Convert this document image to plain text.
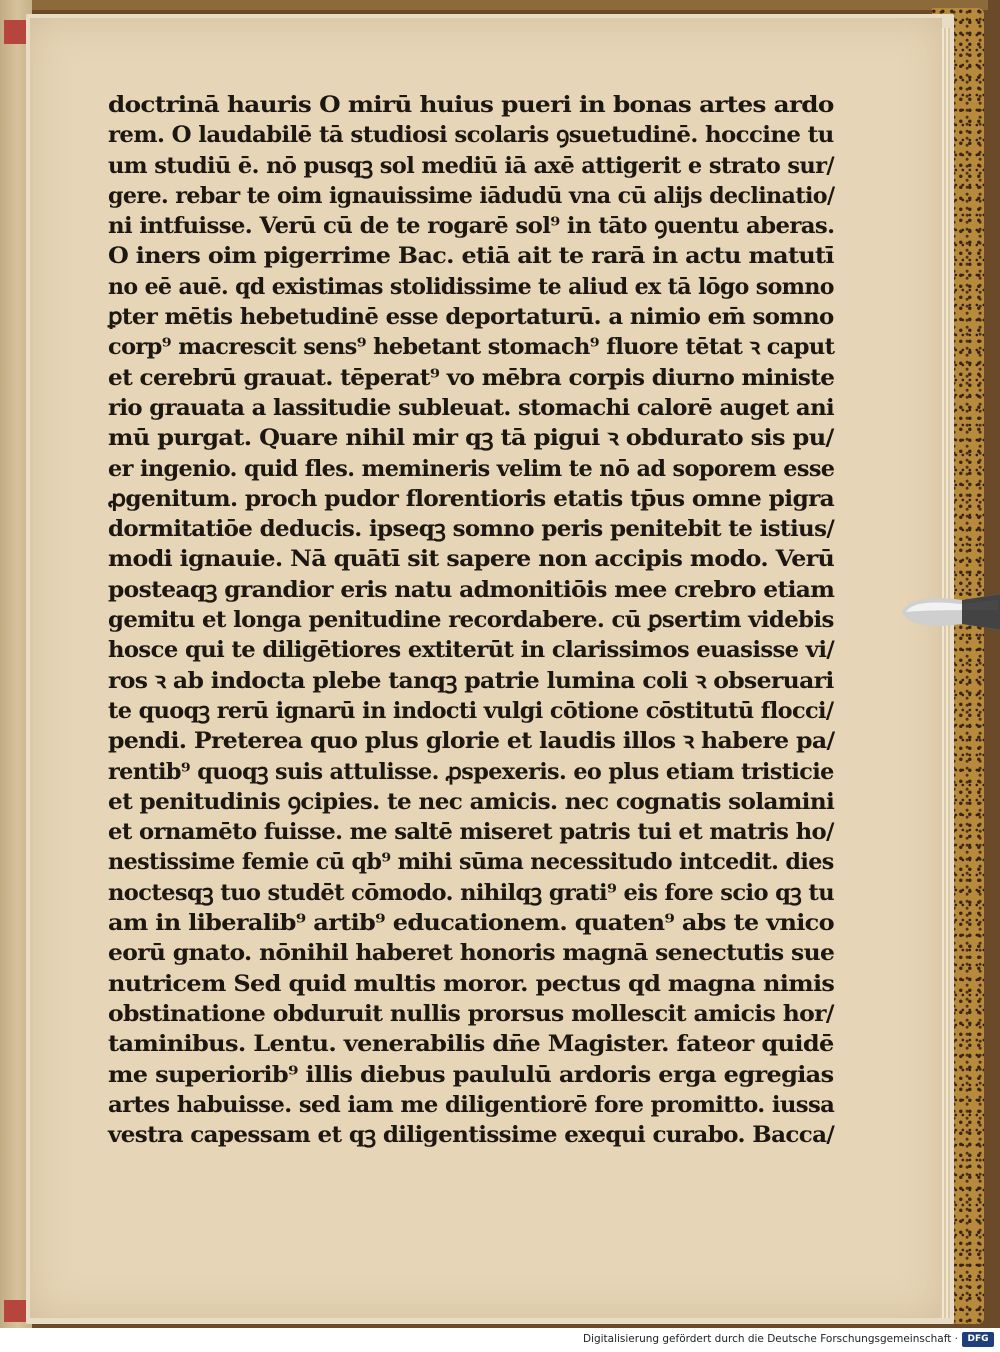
doctrinā hauris O mirū huius pueri in bonas artes ardo
rem. O laudabilē tā studiosi scolaris ꝯsuetudinē. hoccine tu
um studiū ē. nō pusqꝫ sol mediū iā axē attigerit e strato sur/
gere. rebar te oim ignauissime iādudū vna cū alijs declinatio/
ni intfuisse. Verū cū de te rogarē sol⁹ in tāto ꝯuentu aberas.
O iners oim pigerrime Bac. etiā ait te rarā in actu matutī
no eē auē. qd existimas stolidissime te aliud ex tā lōgo somno
ꝑter mētis hebetudinē esse deportaturū. a nimio em̄ somno
corp⁹ macrescit sens⁹ hebetant stomach⁹ fluore tētat ꝛ caput
et cerebrū grauat. tēperat⁹ vo mēbra corpis diurno ministe
rio grauata a lassitudie subleuat. stomachi calorē auget ani
mū purgat. Quare nihil mir qꝫ tā pigui ꝛ obdurato sis pu/
er ingenio. quid fles. memineris velim te nō ad soporem esse
ꝓgenitum. proch pudor florentioris etatis tp̄us omne pigra
dormitatiōe deducis. ipseqꝫ somno peris penitebit te istius/
modi ignauie. Nā quātī sit sapere non accipis modo. Verū
posteaqꝫ grandior eris natu admonitiōis mee crebro etiam
gemitu et longa penitudine recordabere. cū ꝑsertim videbis
hosce qui te diligētiores extiterūt in clarissimos euasisse vi/
ros ꝛ ab indocta plebe tanqꝫ patrie lumina coli ꝛ obseruari
te quoqꝫ rerū ignarū in indocti vulgi cōtione cōstitutū flocci/
pendi. Preterea quo plus glorie et laudis illos ꝛ habere pa/
rentib⁹ quoqꝫ suis attulisse. ꝓspexeris. eo plus etiam tristicie
et penitudinis ꝯcipies. te nec amicis. nec cognatis solamini
et ornamēto fuisse. me saltē miseret patris tui et matris ho/
nestissime femie cū qb⁹ mihi sūma necessitudo intcedit. dies
noctesqꝫ tuo studēt cōmodo. nihilqꝫ grati⁹ eis fore scio qꝫ tu
am in liberalib⁹ artib⁹ educationem. quaten⁹ abs te vnico
eorū gnato. nōnihil haberet honoris magnā senectutis sue
nutricem Sed quid multis moror. pectus qd magna nimis
obstinatione obduruit nullis prorsus mollescit amicis hor/
taminibus. Lentu. venerabilis dn̄e Magister. fateor quidē
me superiorib⁹ illis diebus paululū ardoris erga egregias
artes habuisse. sed iam me diligentiorē fore promitto. iussa
vestra capessam et qꝫ diligentissime exequi curabo. Bacca/
Digitalisierung gefördert durch die Deutsche Forschungsgemeinschaft ·	DFG
